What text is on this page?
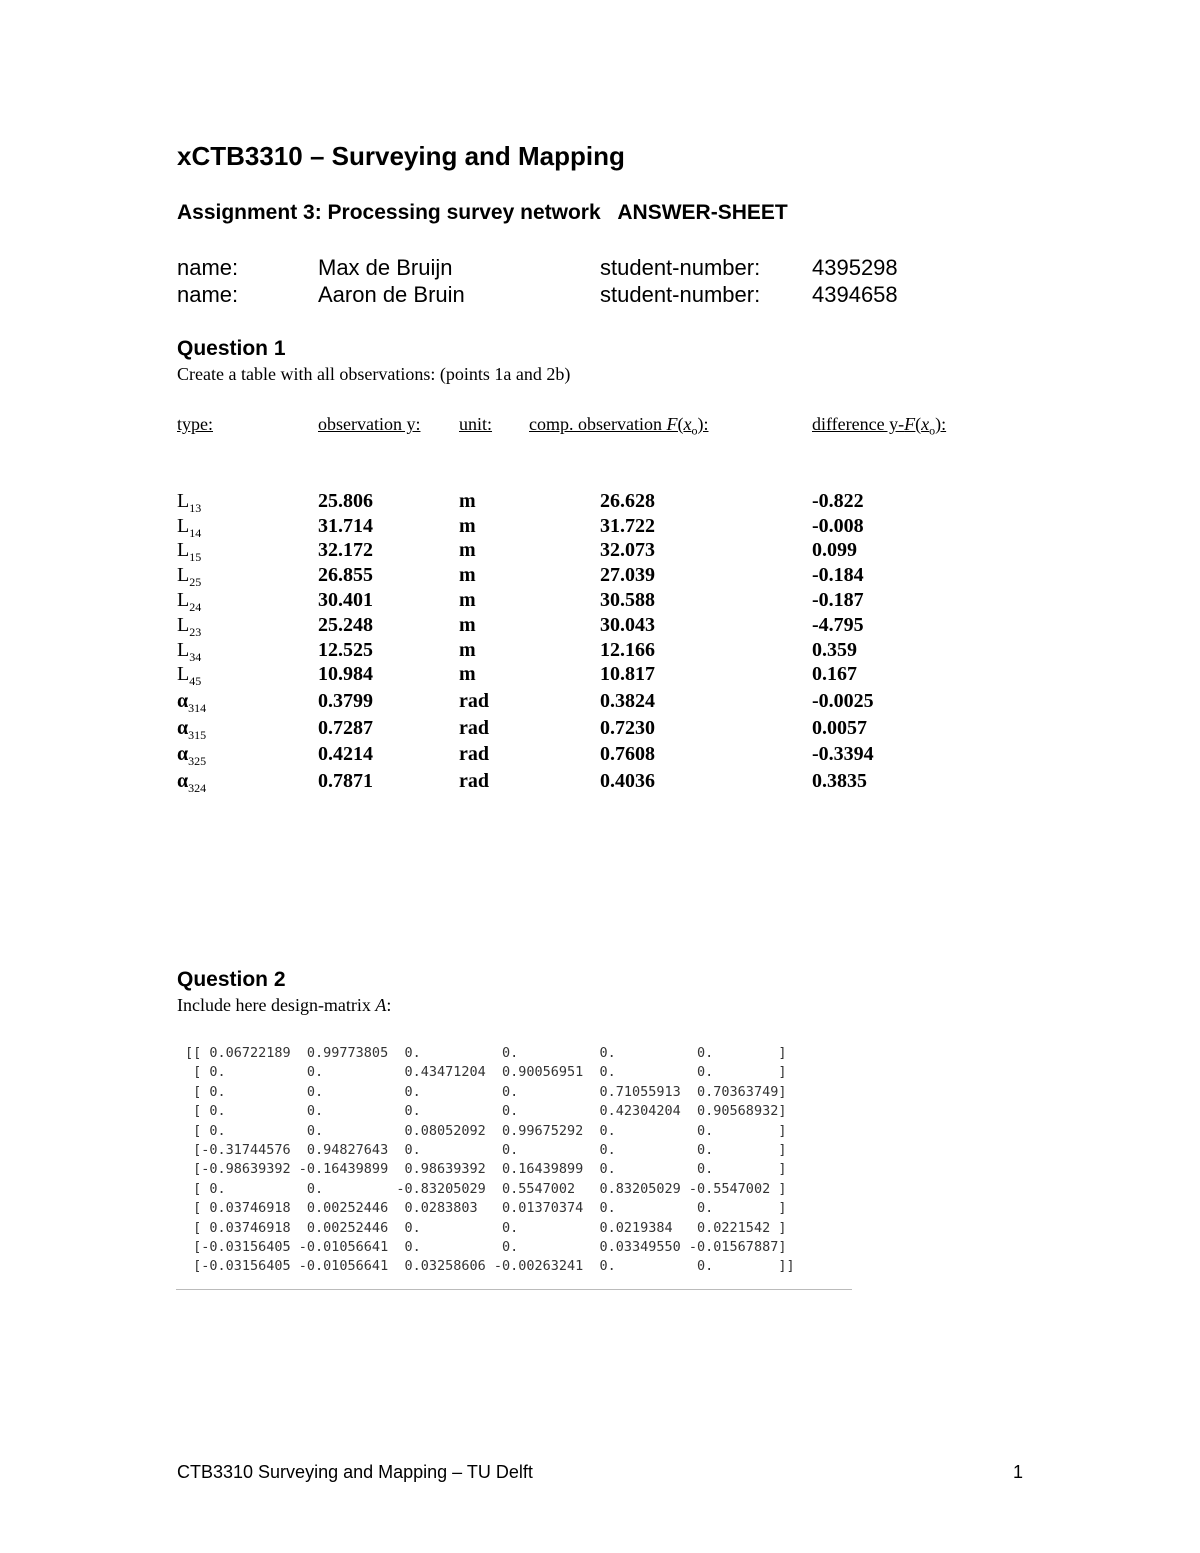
xCTB3310 – Surveying and Mapping
Assignment 3: Processing survey network   ANSWER-SHEET
name:	Max de Bruijn	student-number: 4395298
name:	Aaron de Bruin	student-number: 4394658
Question 1
Create a table with all observations: (points 1a and 2b)
type:	observation y: unit: comp. observation $F(x_o)$:	difference $y-F(x_o)$:
$L_{13}$	25.806	m	26.628	-0.822
$L_{14}$	31.714	m	31.722	-0.008
$L_{15}$	32.172	m	32.073	0.099
$L_{25}$	26.855	m	27.039	-0.184
$L_{24}$	30.401	m	30.588	-0.187
$L_{23}$	25.248	m	30.043	-4.795
$L_{34}$	12.525	m	12.166	0.359
$L_{45}$	10.984	m	10.817	0.167
$\alpha_{314}$	0.3799	rad	0.3824	-0.0025
$\alpha_{315}$	0.7287	rad	0.7230	0.0057
$\alpha_{325}$	0.4214	rad	0.7608	-0.3394
$\alpha_{324}$	0.7871	rad	0.4036	0.3835
Question 2
Include here design-matrix A:
[[ 0.06722189  0.99773805  0.          0.          0.          0.        ]
[ 0.          0.          0.43471204  0.90056951  0.          0.        ]
[ 0.          0.          0.          0.          0.71055913  0.70363749]
[ 0.          0.          0.          0.          0.42304204  0.90568932]
[ 0.          0.          0.08052092  0.99675292  0.          0.        ]
[-0.31744576  0.94827643  0.          0.          0.          0.        ]
[-0.98639392 -0.16439899  0.98639392  0.16439899  0.          0.        ]
[ 0.          0.         -0.83205029  0.5547002   0.83205029 -0.5547002 ]
[ 0.03746918  0.00252446  0.0283803   0.01370374  0.          0.        ]
[ 0.03746918  0.00252446  0.          0.          0.0219384   0.0221542 ]
[-0.03156405 -0.01056641  0.          0.          0.03349550 -0.01567887]
[-0.03156405 -0.01056641  0.03258606 -0.00263241  0.          0.        ]]
CTB3310 Surveying and Mapping – TU Delft	1
